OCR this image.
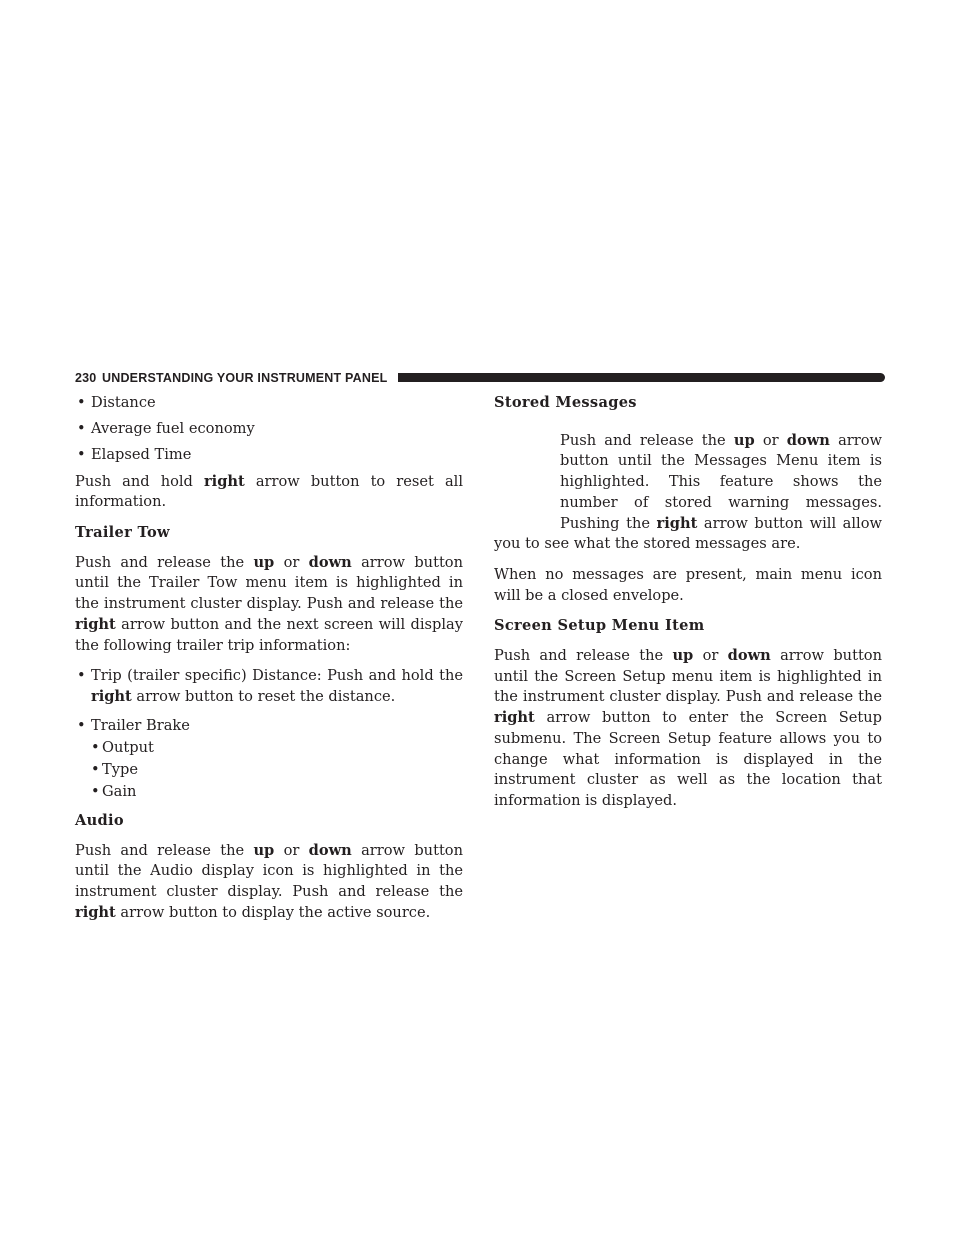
230 UNDERSTANDING YOUR INSTRUMENT PANEL
• Distance
• Average fuel economy
• Elapsed Time

Push and hold right arrow button to reset all information.

Trailer Tow

Push and release the up or down arrow button until the Trailer Tow menu item is highlighted in the instrument cluster display. Push and release the right arrow button and the next screen will display the following trailer trip information:

• Trip (trailer specific) Distance: Push and hold the right arrow button to reset the distance.
• Trailer Brake
• Output
• Type
• Gain
Audio

Push and release the up or down arrow button until the Audio display icon is highlighted in the instrument cluster display. Push and release the right arrow button to display the active source.

Stored Messages

Push and release the up or down arrow button until the Messages Menu item is highlighted. This feature shows the number of stored warning messages. Pushing the right arrow button will allow you to see what the stored messages are.

When no messages are present, main menu icon will be a closed envelope.

Screen Setup Menu Item

Push and release the up or down arrow button until the Screen Setup menu item is highlighted in the instrument cluster display. Push and release the right arrow button to enter the Screen Setup submenu. The Screen Setup feature allows you to change what information is displayed in the instrument cluster as well as the location that information is displayed.
